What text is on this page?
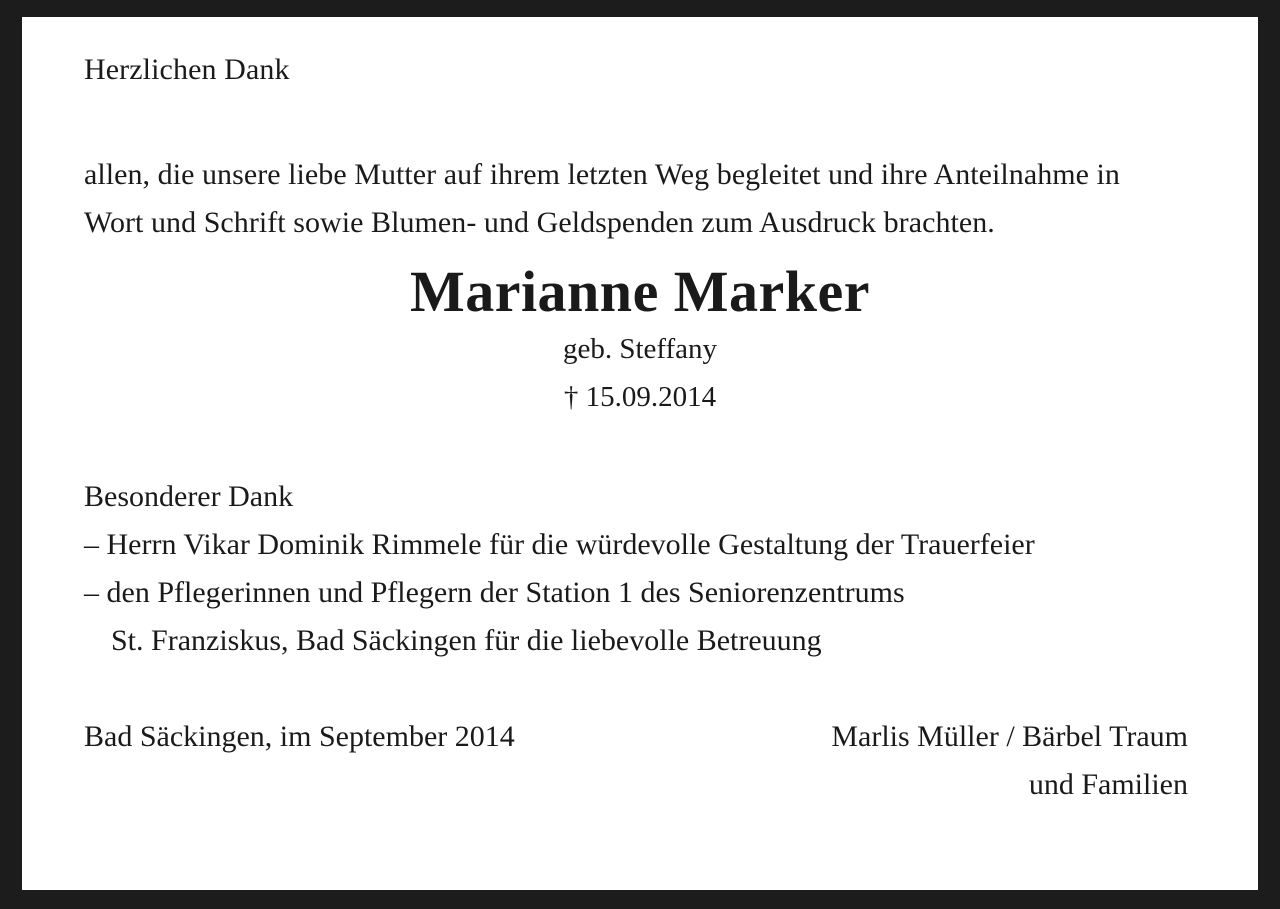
Herzlichen Dank

allen, die unsere liebe Mutter auf ihrem letzten Weg begleitet und ihre Anteilnahme in Wort und Schrift sowie Blumen- und Geldspenden zum Ausdruck brachten.

Marianne Marker
geb. Steffany
† 15.09.2014

Besonderer Dank

– Herrn Vikar Dominik Rimmele für die würdevolle Gestaltung der Trauerfeier

– den Pflegerinnen und Pflegern der Station 1 des Seniorenzentrums

St. Franziskus, Bad Säckingen für die liebevolle Betreuung

Bad Säckingen, im September 2014	Marlis Müller / Bärbel Traum
und Familien
